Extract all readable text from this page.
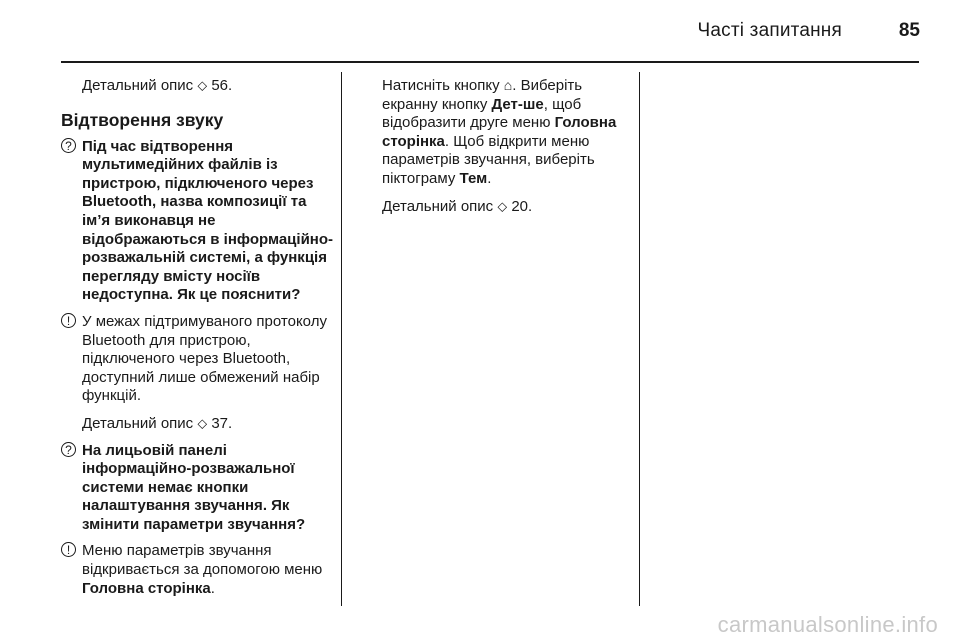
Часті запитання	85

Детальний опис ⬦ 56.

Відтворення звуку
? Під час відтворення мультимедійних файлів із пристрою, підключеного через Bluetooth, назва композиції та ім’я виконавця не відображаються в інформаційно-розважальній системі, а функція перегляду вмісту носіїв недоступна. Як це пояснити?
! У межах підтримуваного протоколу Bluetooth для пристрою, підключеного через Bluetooth, доступний лише обмежений набір функцій.

Детальний опис ⬦ 37.

? На лицьовій панелі інформаційно-розважальної системи немає кнопки налаштування звучання. Як змінити параметри звучання?
! Меню параметрів звучання відкривається за допомогою меню Головна сторінка.

Натисніть кнопку ⌂. Виберіть екранну кнопку Дет-ше, щоб відобразити друге меню Головна сторінка. Щоб відкрити меню параметрів звучання, виберіть піктограму Тем.

Детальний опис ⬦ 20.

carmanualsonline.info
